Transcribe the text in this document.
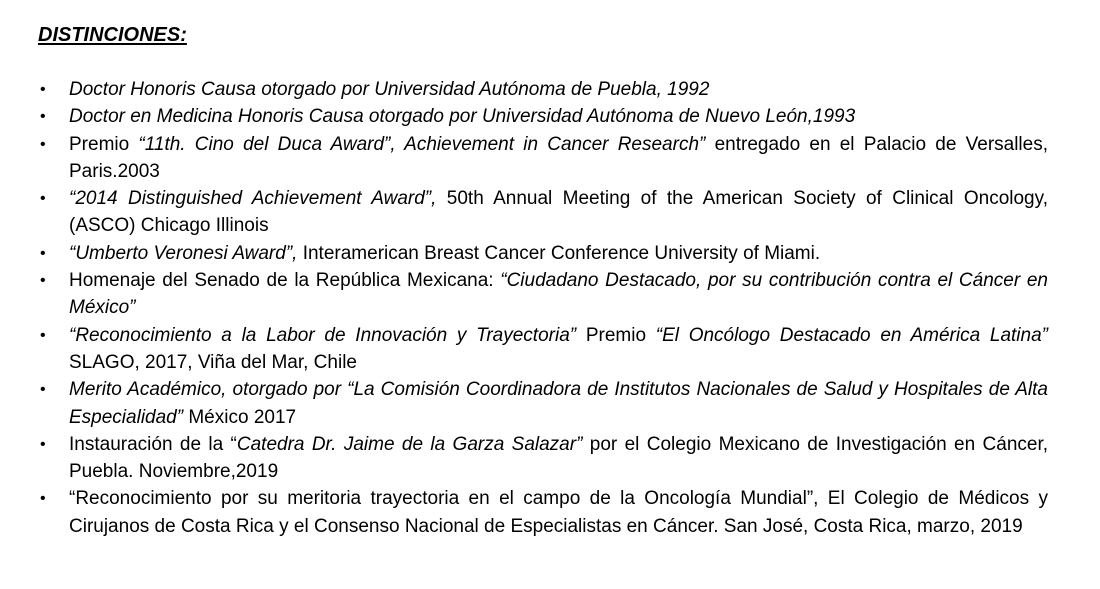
DISTINCIONES:
• Doctor Honoris Causa otorgado por Universidad Autónoma de Puebla, 1992
• Doctor en Medicina Honoris Causa otorgado por Universidad Autónoma de Nuevo León,1993
• Premio “11th. Cino del Duca Award”, Achievement in Cancer Research” entregado en el Palacio de Versalles, Paris.2003
• “2014 Distinguished Achievement Award”, 50th Annual Meeting of the American Society of Clinical Oncology, (ASCO) Chicago Illinois
• “Umberto Veronesi Award”, Interamerican Breast Cancer Conference University of Miami.
• Homenaje del Senado de la República Mexicana: “Ciudadano Destacado, por su contribución contra el Cáncer en México”
• “Reconocimiento a la Labor de Innovación y Trayectoria” Premio “El Oncólogo Destacado en América Latina” SLAGO, 2017, Viña del Mar, Chile
• Merito Académico, otorgado por “La Comisión Coordinadora de Institutos Nacionales de Salud y Hospitales de Alta Especialidad” México 2017
• Instauración de la “Catedra Dr. Jaime de la Garza Salazar” por el Colegio Mexicano de Investigación en Cáncer, Puebla. Noviembre,2019
• “Reconocimiento por su meritoria trayectoria en el campo de la Oncología Mundial”, El Colegio de Médicos y Cirujanos de Costa Rica y el Consenso Nacional de Especialistas en Cáncer. San José, Costa Rica, marzo, 2019
